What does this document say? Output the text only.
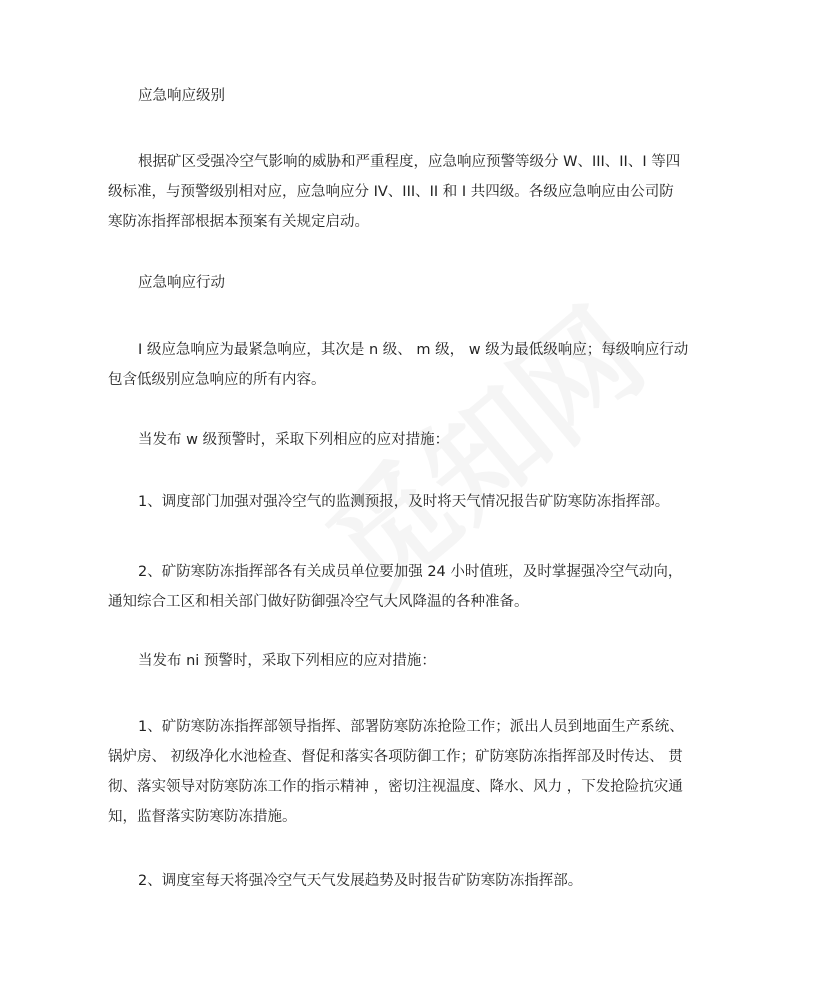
应急响应级别

根据矿区受强冷空气影响的威胁和严重程度，应急响应预警等级分 W、III、II、I 等四
级标准，与预警级别相对应，应急响应分 IV、III、II 和 I 共四级。各级应急响应由公司防
寒防冻指挥部根据本预案有关规定启动。

应急响应行动

I 级应急响应为最紧急响应，其次是 n 级、 m 级， w 级为最低级响应；每级响应行动
包含低级别应急响应的所有内容。

当发布 w 级预警时，采取下列相应的应对措施：

1、调度部门加强对强冷空气的监测预报，及时将天气情况报告矿防寒防冻指挥部。

2、矿防寒防冻指挥部各有关成员单位要加强 24 小时值班，及时掌握强冷空气动向，
通知综合工区和相关部门做好防御强冷空气大风降温的各种准备。

当发布 ni 预警时，采取下列相应的应对措施：

1、矿防寒防冻指挥部领导指挥、部署防寒防冻抢险工作；派出人员到地面生产系统、
锅炉房、 初级净化水池检查、督促和落实各项防御工作；矿防寒防冻指挥部及时传达、 贯
彻、落实领导对防寒防冻工作的指示精神 ，密切注视温度、降水、风力 ，下发抢险抗灾通
知，监督落实防寒防冻措施。

2、调度室每天将强冷空气天气发展趋势及时报告矿防寒防冻指挥部。
